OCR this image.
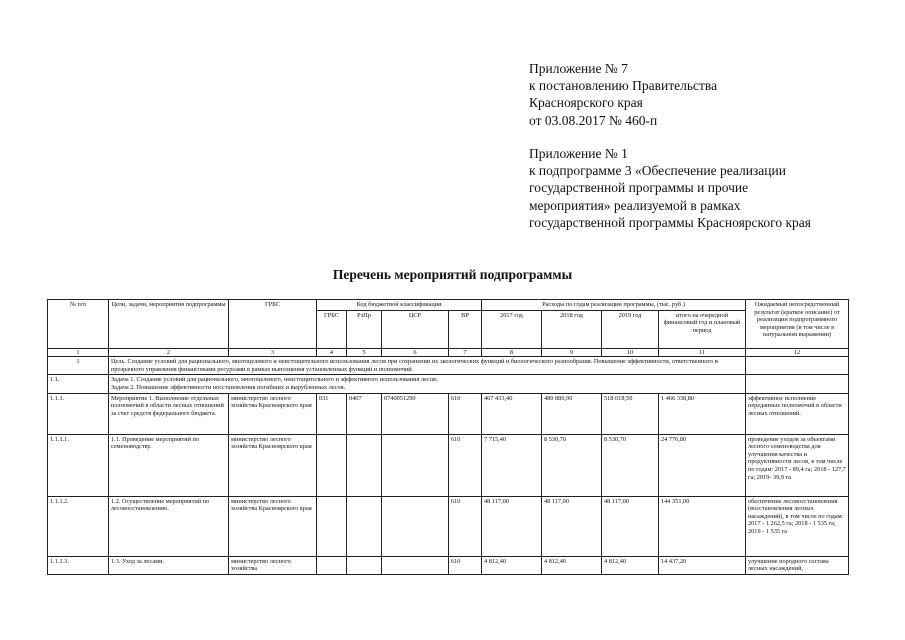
Приложение № 7
к постановлению Правительства
Красноярского края
от 03.08.2017 № 460-п
Приложение № 1
к подпрограмме 3 «Обеспечение реализации
государственной программы и прочие
мероприятия» реализуемой в рамках
государственной программы Красноярского края
Перечень мероприятий подпрограммы
№ п/п	Цели, задачи, мероприятия подпрограммы	ГРБС	Код бюджетной классификации				Расходы по годам реализации программы, (тыс. руб.)				Ожидаемый непосредственный результат (краткое описание) от реализации подпрограммного мероприятия (в том числе в натуральном выражении)
			ГРБС	РзПр	ЦСР	ВР	2017 год	2018 год	2019 год	итого на очередной финансовый год и плановый период	
1	2	3	4	5	6	7	8	9	10	11	12
1	Цель. Создание условий для рационального, многоцелевого и неистощительного использования лесов при сохранении их экологических функций и биологического разнообразия. Повышение эффективности, ответственного и прозрачного управления финансовыми ресурсами в рамках выполнения установленных функций и полномочий.										
1.1.	Задача 1. Создание условий для рационального, многоцелевого, неистощительного и эффективного использования лесов;
Задача 2. Повышение эффективности восстановления погибших и вырубленных лесов.										

1.1.1.	Мероприятие 1. Выполнение отдельных полномочий в области лесных отношений за счет средств федерального бюджета.	министерство лесного хозяйства Красноярского края	031	0407	0740051290	610	467 433,40	480 886,90	518 018,50	1 466 338,80	эффективное исполнение переданных полномочий в области лесных отношений.
1.1.1.1.	1.1. Проведение мероприятий по семеноводству.	министерство лесного хозяйства Красноярского края				610	7 715,40	8 530,70	8 530,70	24 776,80	проведение уходов за объектами лесного семеноводства для улучшения качества и продуктивности лесов, в том числе по годам: 2017 - 89,4 га; 2018 - 127,7 га; 2019- 39,9 га
1.1.1.2.	1.2. Осуществление мероприятий по лесовосстановлению.	министерство лесного хозяйства Красноярского края				610	48 117,00	48 117,00	48 117,00	144 351,00	обеспечение лесовосстановления (восстановления лесных насаждений), в том числе по годам: 2017 - 1 262,5 га; 2018 - 1 535 га; 2019 - 1 535 га
1.1.1.3.	1.3. Уход за лесами.	министерство лесного хозяйства				610	4 812,40	4 812,40	4 812,40	14 437,20	улучшение породного состава лесных насаждений,
